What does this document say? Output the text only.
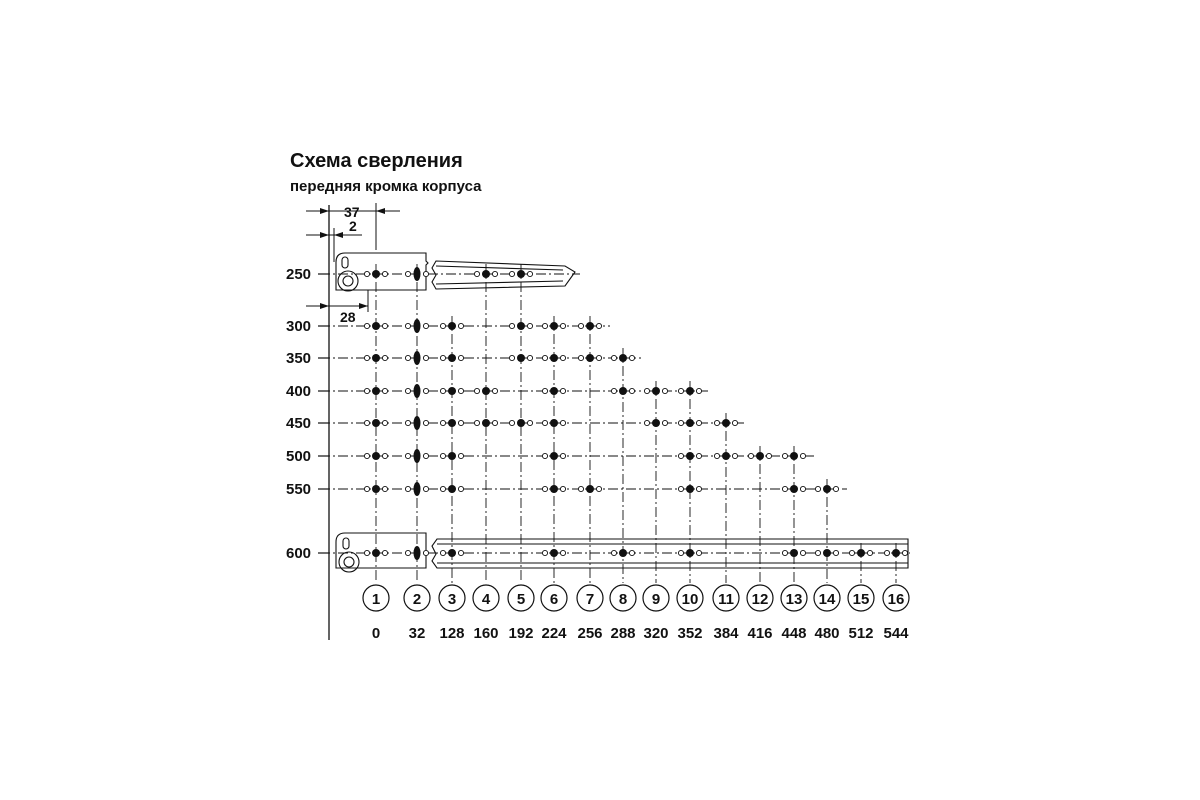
Схема сверления
передняя кромка корпуса
37
2
28
250
300
350
400
450
500
550
600
1
0
2
32
3
128
4
160
5
192
6
224
7
256
8
288
9
320
10
352
11
384
12
416
13
448
14
480
15
512
16
544
